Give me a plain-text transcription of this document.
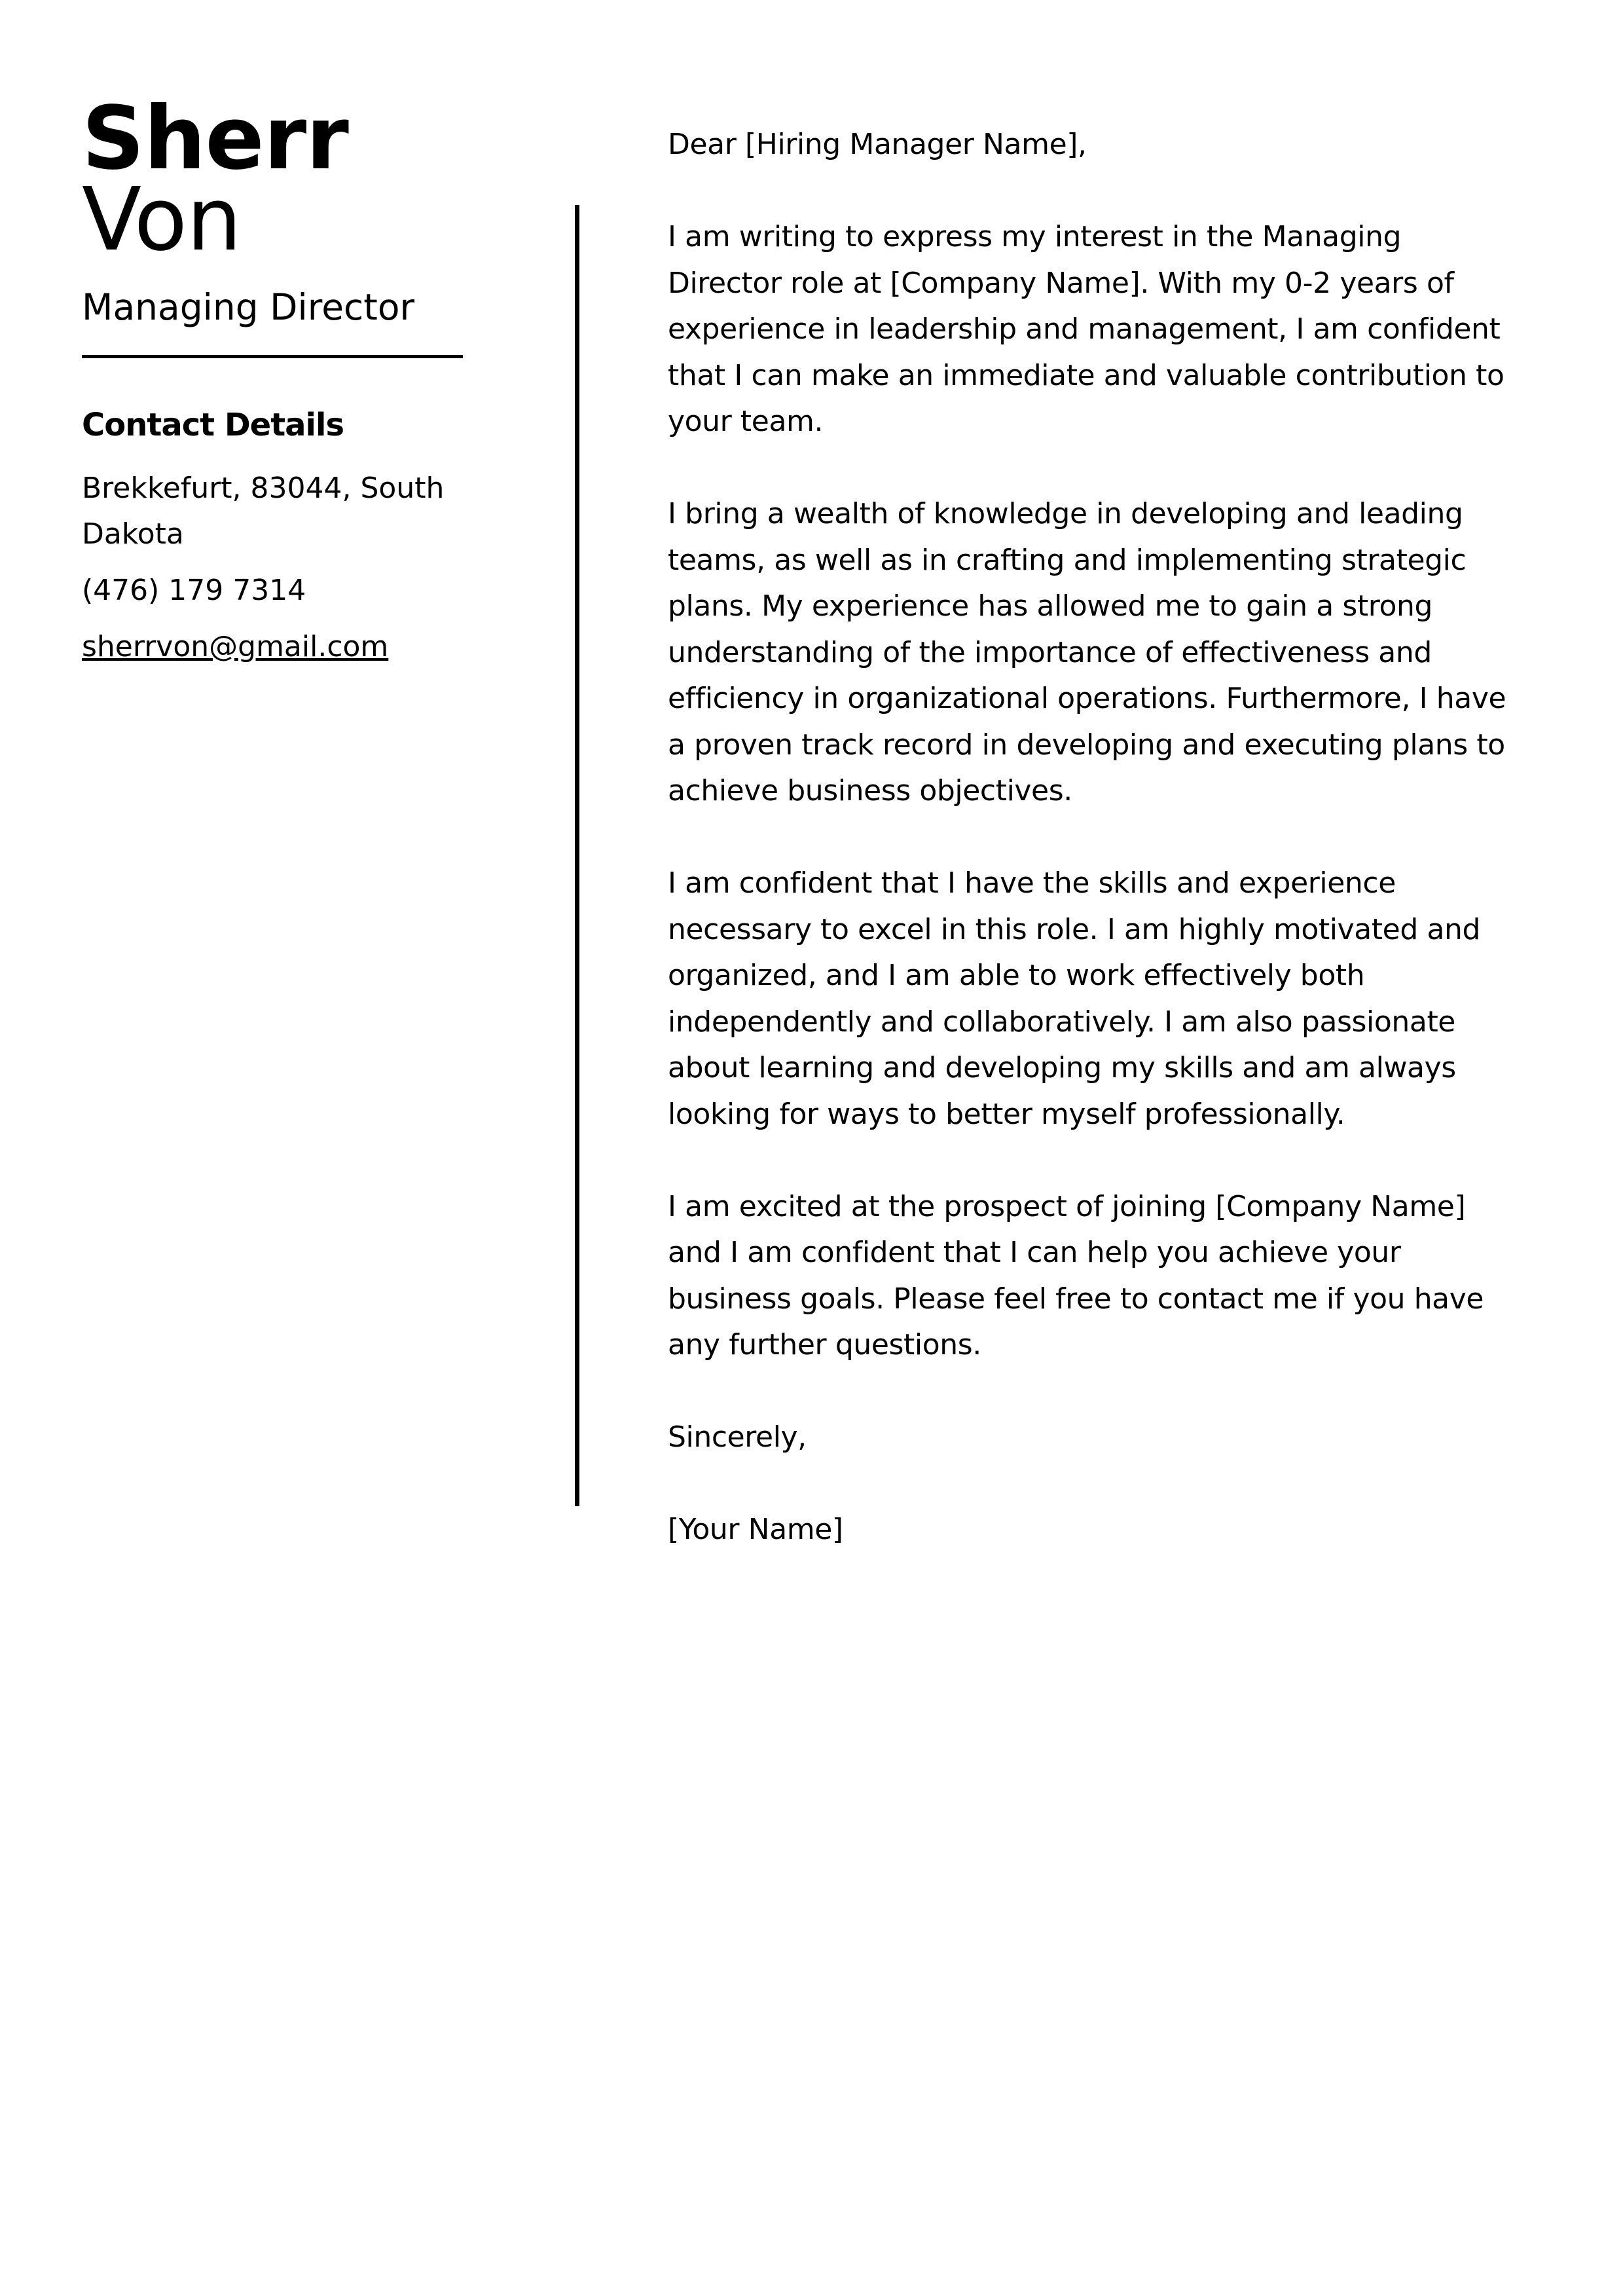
Sherr
Von
Managing Director
Contact Details
Brekkefurt, 83044, South Dakota
(476) 179 7314
sherrvon@gmail.com

Dear [Hiring Manager Name],

I am writing to express my interest in the Managing Director role at [Company Name]. With my 0-2 years of experience in leadership and management, I am confident that I can make an immediate and valuable contribution to your team.

I bring a wealth of knowledge in developing and leading teams, as well as in crafting and implementing strategic plans. My experience has allowed me to gain a strong understanding of the importance of effectiveness and efficiency in organizational operations. Furthermore, I have a proven track record in developing and executing plans to achieve business objectives.

I am confident that I have the skills and experience necessary to excel in this role. I am highly motivated and organized, and I am able to work effectively both independently and collaboratively. I am also passionate about learning and developing my skills and am always looking for ways to better myself professionally.

I am excited at the prospect of joining [Company Name] and I am confident that I can help you achieve your business goals. Please feel free to contact me if you have any further questions.

Sincerely,

[Your Name]
